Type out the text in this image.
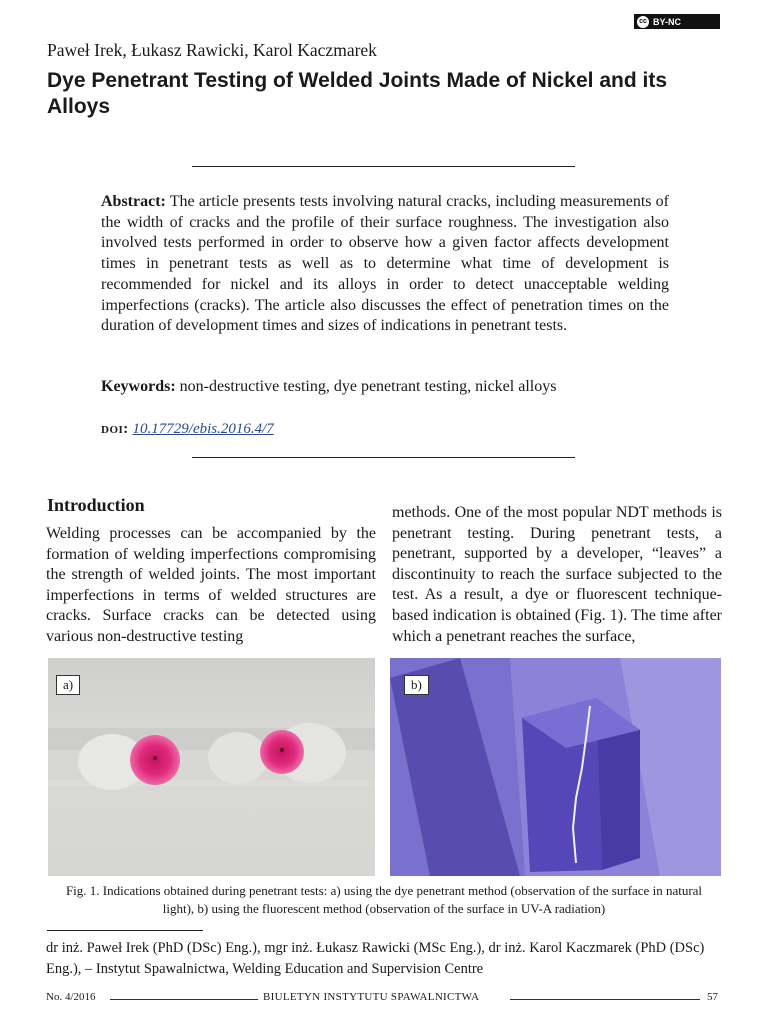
cc BY-NC
Paweł Irek, Łukasz Rawicki, Karol Kaczmarek
Dye Penetrant Testing of Welded Joints Made of Nickel and its Alloys
Abstract: The article presents tests involving natural cracks, including measurements of the width of cracks and the profile of their surface roughness. The investigation also involved tests performed in order to observe how a given factor affects development times in penetrant tests as well as to determine what time of development is recommended for nickel and its alloys in order to detect unacceptable welding imperfections (cracks). The article also discusses the effect of penetration times on the duration of development times and sizes of indications in penetrant tests.
Keywords: non-destructive testing, dye penetrant testing, nickel alloys
doi: 10.17729/ebis.2016.4/7
Introduction
Welding processes can be accompanied by the formation of welding imperfections compromising the strength of welded joints. The most important imperfections in terms of welded structures are cracks. Surface cracks can be detected using various non-destructive testing
methods. One of the most popular NDT methods is penetrant testing. During penetrant tests, a penetrant, supported by a developer, “leaves” a discontinuity to reach the surface subjected to the test. As a result, a dye or fluorescent technique-based indication is obtained (Fig. 1). The time after which a penetrant reaches the surface,
a)	b)
Fig. 1. Indications obtained during penetrant tests: a) using the dye penetrant method (observation of the surface in natural light), b) using the fluorescent method (observation of the surface in UV-A radiation)
dr inż. Paweł Irek (PhD (DSc) Eng.), mgr inż. Łukasz Rawicki (MSc Eng.), dr inż. Karol Kaczmarek (PhD (DSc) Eng.), – Instytut Spawalnictwa, Welding Education and Supervision Centre
No. 4/2016	BIULETYN INSTYTUTU SPAWALNICTWA	57
